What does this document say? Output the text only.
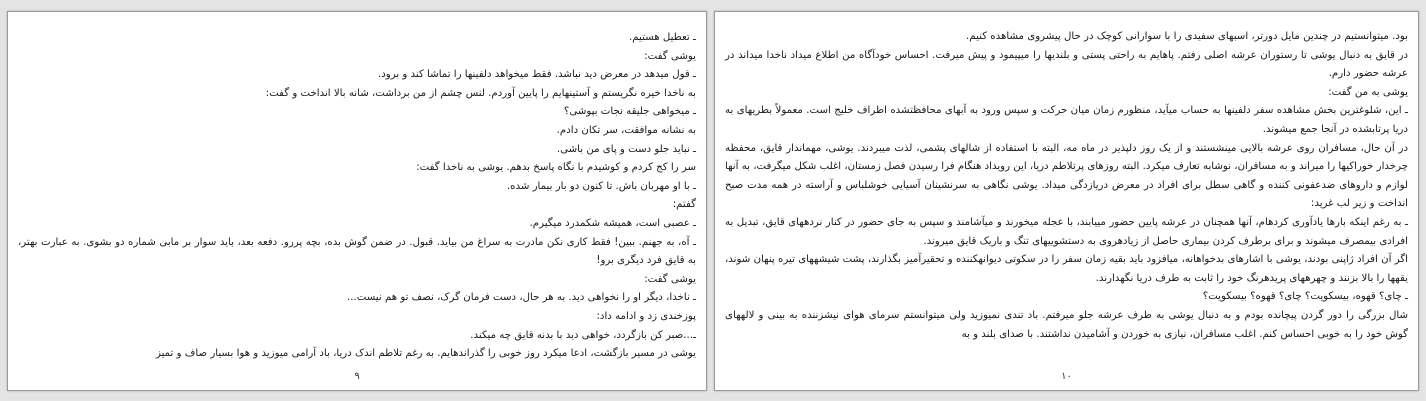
ـ تعطیل هستیم.

یوشی گفت:

ـ قول میدهد در معرض دید نباشد. فقط میخواهد دلفینها را تماشا کند و برود.

به ناخدا خیره نگریستم و آستینهایم را پایین آوردم. لنس چشم از من برداشت، شانه بالا انداخت و گفت:

ـ میخواهی جلیقه نجات بپوشی؟

به نشانه موافقت، سر تکان دادم.

ـ نباید جلو دست و پای من باشی.

سر را کج کردم و کوشیدم با نگاه پاسخ بدهم. یوشی به ناخدا گفت:

ـ با او مهربان باش. تا کنون دو بار بیمار شده.

گفتم:

ـ عصبی است، همیشه شکمدرد میگیرم.

ـ آه، به جهنم. ببین! فقط کاری نکن مادرت به سراغ من بیاید. قبول. در ضمن گوش بده، بچه پررو. دفعه بعد، باید سوار بر مابی شماره دو بشوی. به عبارت بهتر، به قایق فرد دیگری برو!

یوشی گفت:

ـ ناخدا، دیگر او را نخواهی دید. به هر حال، دست فرمان گرک، نصف تو هم نیست...

پوزخندی زد و ادامه داد:

ـ...صبر کن بازگردد، خواهی دید با بدنه قایق چه میکند.

یوشی در مسیر بازگشت، ادعا میکرد روز خوبی را گذراندهایم. به رغم تلاطم اندک دریا، باد آرامی میوزید و هوا بسیار صاف و تمیز

۹

بود. میتوانستیم در چندین مایل دورتر، اسبهای سفیدی را با سوارانی کوچک در حال پیشروی مشاهده کنیم.

در قایق به دنبال یوشی تا رستوران عرشه اصلی رفتم. پاهایم به راحتی پستی و بلندیها را میپیمود و پیش میرفت. احساس خودآگاه من اطلاع میداد ناخدا میداند در عرشه حضور دارم.

یوشی به من گفت:

ـ این، شلوغترین بخش مشاهده سفر دلفینها به حساب میآید، منظورم زمان میان حرکت و سپس ورود به آبهای محافظتشده اطراف خلیج است. معمولاً بطریهای به دریا پرتابشده در آنجا جمع میشوند.

در آن حال، مسافران روی عرشه بالایی مینشستند و از یک روز دلپذیر در ماه مه، البته با استفاده از شالهای پشمی، لذت میبردند. یوشی، مهماندار قایق، محفظه چرخدار خوراکیها را میراند و به مسافران، نوشابه تعارف میکرد. البته روزهای پرتلاطم دریا، این رویداد هنگام فرا رسیدن فصل زمستان، اغلب شکل میگرفت، به آنها لوازم و داروهای ضدعفونی کننده و گاهی سطل برای افراد در معرض دریازدگی میداد. یوشی نگاهی به سرنشینان آسیایی خوشلباس و آراسته در همه مدت صبح انداخت و زیر لب غرید:

ـ به رغم اینکه بارها یادآوری کردهام، آنها همچنان در عرشه پایین حضور مییابند، با عجله میخورند و میآشامند و سپس به جای حضور در کنار نردههای قایق، تبدیل به افرادی بیمصرف میشوند و برای برطرف کردن بیماری حاصل از زیادهروی به دستشوییهای تنگ و باریک قایق میروند.

اگر آن افراد ژاپنی بودند، یوشی با اشارهای بدخواهانه، میافزود باید بقیه زمان سفر را در سکوتی دیوانهکننده و تحقیرآمیز بگذارند، پشت شیشههای تیره پنهان شوند، یقهها را بالا بزنند و چهرههای پریدهرنگ خود را ثابت به طرف دریا نگهدارند.

ـ چای؟ قهوه، بیسکویت؟ چای؟ قهوه؟ بیسکویت؟

شال بزرگی را دور گردن پیچانده بودم و به دنبال یوشی به طرف عرشه جلو میرفتم. باد تندی نمیوزید ولی میتوانستم سرمای هوای نیشزننده به بینی و لالههای گوش خود را به خوبی احساس کنم. اغلب مسافران، نیازی به خوردن و آشامیدن نداشتند. با صدای بلند و به

۱۰
